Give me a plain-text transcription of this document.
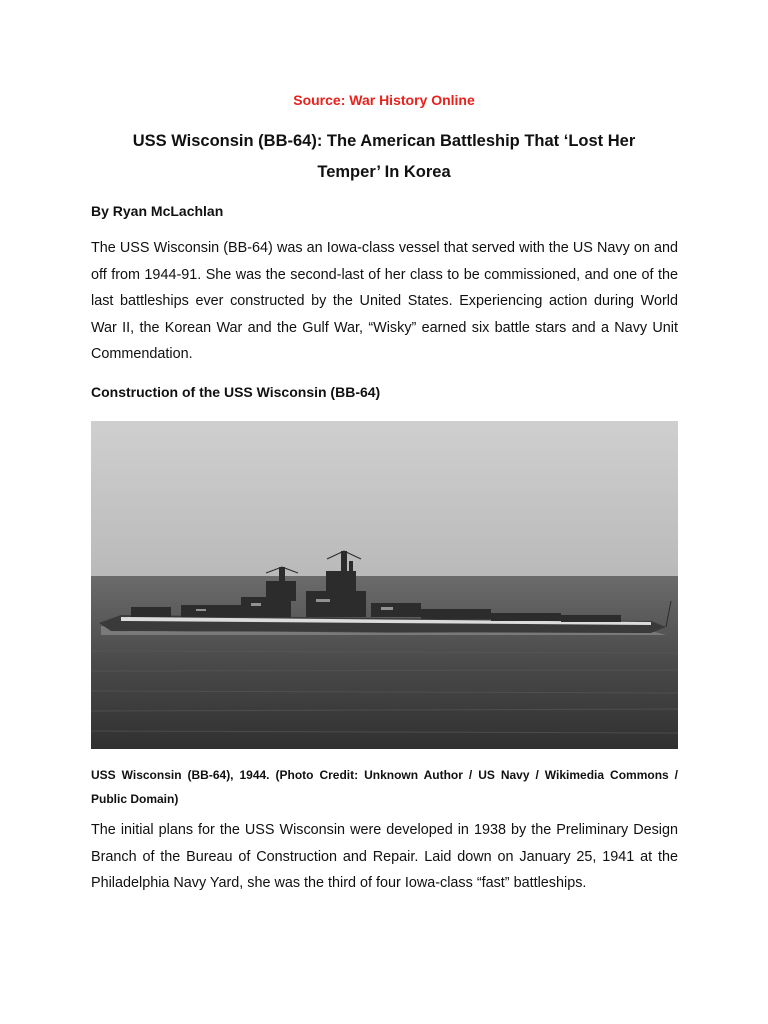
Source: War History Online
USS Wisconsin (BB-64): The American Battleship That ‘Lost Her Temper’ In Korea
By Ryan McLachlan
The USS Wisconsin (BB-64) was an Iowa-class vessel that served with the US Navy on and off from 1944-91. She was the second-last of her class to be commissioned, and one of the last battleships ever constructed by the United States. Experiencing action during World War II, the Korean War and the Gulf War, “Wisky” earned six battle stars and a Navy Unit Commendation.
Construction of the USS Wisconsin (BB-64)
USS Wisconsin (BB-64), 1944. (Photo Credit: Unknown Author / US Navy / Wikimedia Commons / Public Domain)
The initial plans for the USS Wisconsin were developed in 1938 by the Preliminary Design Branch of the Bureau of Construction and Repair. Laid down on January 25, 1941 at the Philadelphia Navy Yard, she was the third of four Iowa-class “fast” battleships.
